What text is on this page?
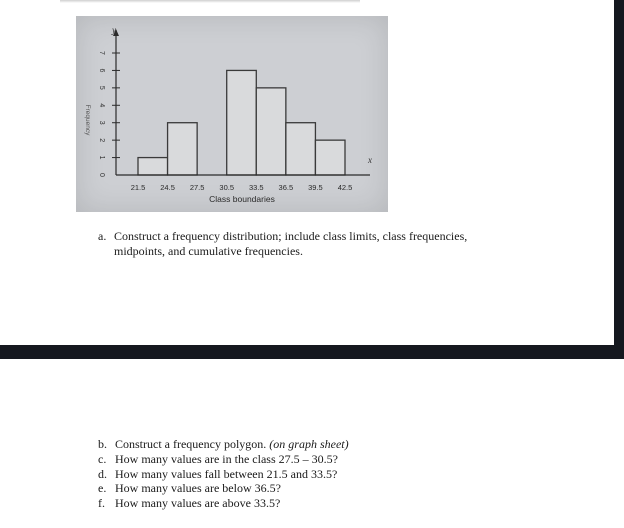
0
1
2
3
4
5
6
7
21.5 24.5 27.5 30.5 33.5 36.5 39.5 42.5
Class boundaries
Frequency
y
x
a. Construct a frequency distribution; include class limits, class frequencies,
midpoints, and cumulative frequencies.
b. Construct a frequency polygon. (on graph sheet)
c. How many values are in the class 27.5 – 30.5?
d. How many values fall between 21.5 and 33.5?
e. How many values are below 36.5?
f. How many values are above 33.5?
